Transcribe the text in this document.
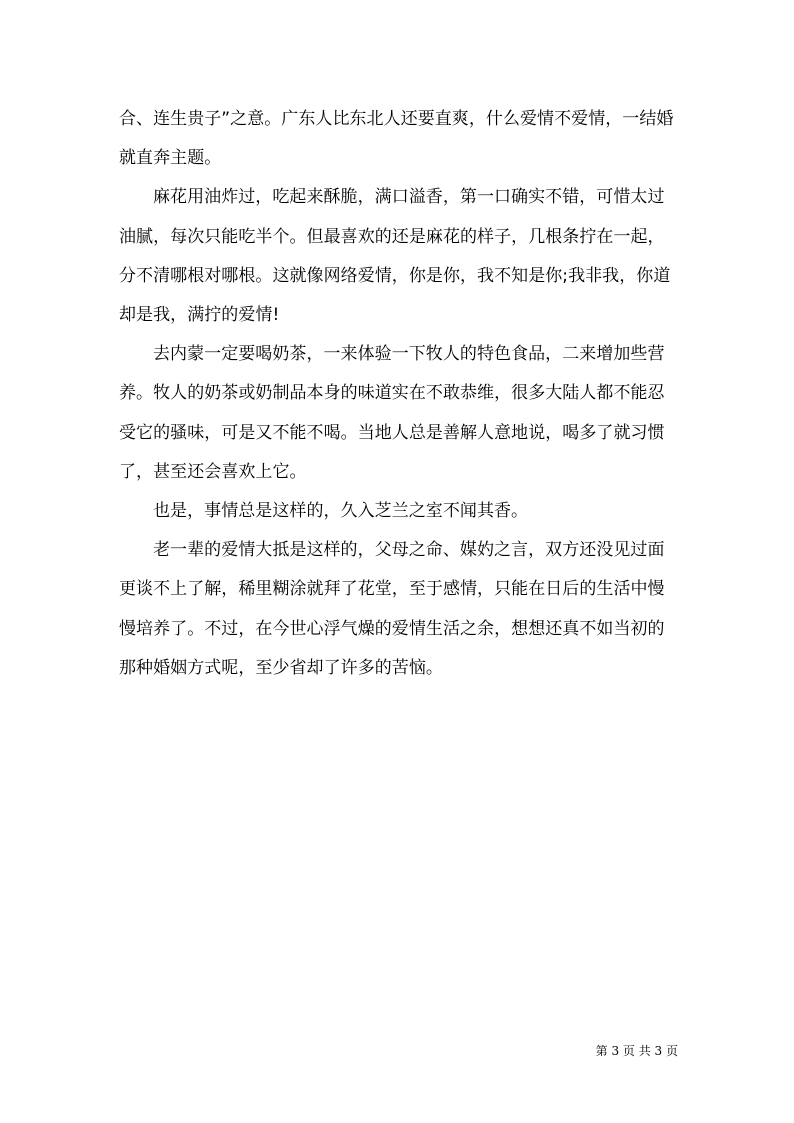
合、连生贵子”之意。广东人比东北人还要直爽，什么爱情不爱情，一结婚就直奔主题。

麻花用油炸过，吃起来酥脆，满口溢香，第一口确实不错，可惜太过油腻，每次只能吃半个。但最喜欢的还是麻花的样子，几根条拧在一起，分不清哪根对哪根。这就像网络爱情，你是你，我不知是你;我非我，你道却是我，满拧的爱情!

去内蒙一定要喝奶茶，一来体验一下牧人的特色食品，二来增加些营养。牧人的奶茶或奶制品本身的味道实在不敢恭维，很多大陆人都不能忍受它的骚味，可是又不能不喝。当地人总是善解人意地说，喝多了就习惯了，甚至还会喜欢上它。

也是，事情总是这样的，久入芝兰之室不闻其香。

老一辈的爱情大抵是这样的，父母之命、媒妁之言，双方还没见过面更谈不上了解，稀里糊涂就拜了花堂，至于感情，只能在日后的生活中慢慢培养了。不过，在今世心浮气燥的爱情生活之余，想想还真不如当初的那种婚姻方式呢，至少省却了许多的苦恼。

第 3 页 共 3 页
